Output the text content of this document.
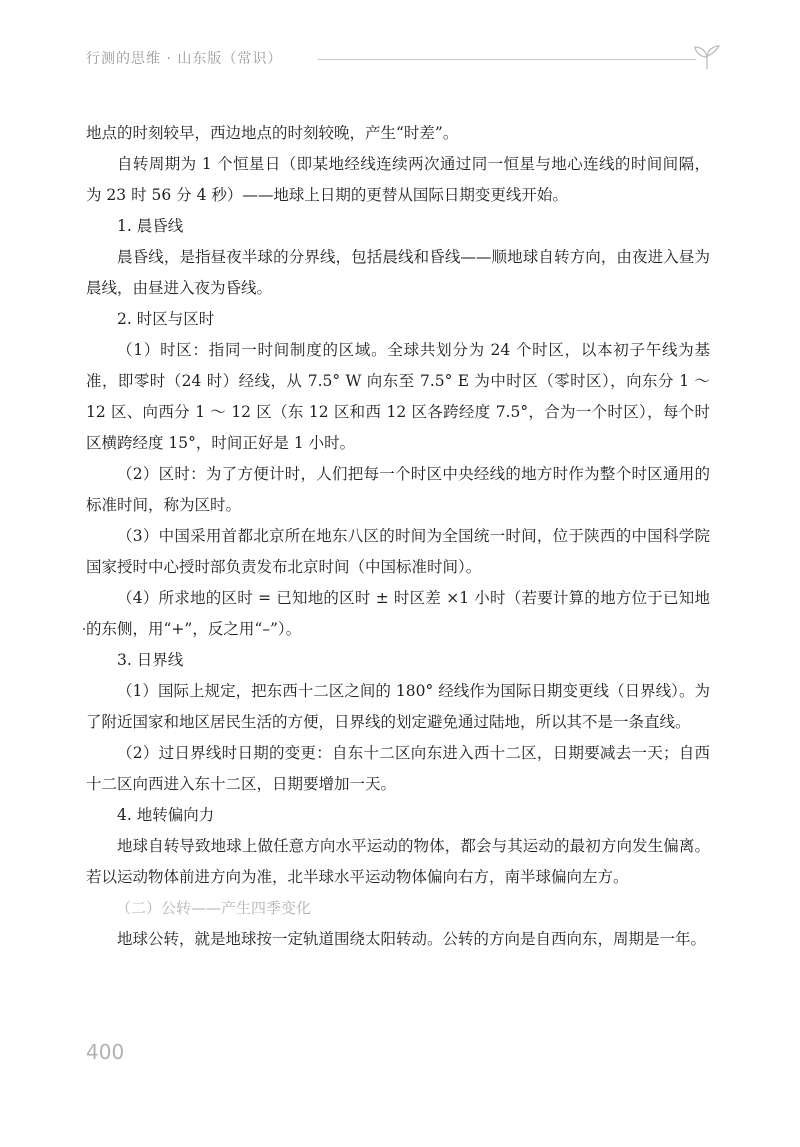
行测的思维 · 山东版（常识）

地点的时刻较早，西边地点的时刻较晚，产生“时差”。

自转周期为 1 个恒星日（即某地经线连续两次通过同一恒星与地心连线的时间间隔，为 23 时 56 分 4 秒）——地球上日期的更替从国际日期变更线开始。

1. 晨昏线

晨昏线，是指昼夜半球的分界线，包括晨线和昏线——顺地球自转方向，由夜进入昼为晨线，由昼进入夜为昏线。

2. 时区与区时

（1）时区：指同一时间制度的区域。全球共划分为 24 个时区，以本初子午线为基准，即零时（24 时）经线，从 7.5° W 向东至 7.5° E 为中时区（零时区），向东分 1 ～ 12 区、向西分 1 ～ 12 区（东 12 区和西 12 区各跨经度 7.5°，合为一个时区），每个时区横跨经度 15°，时间正好是 1 小时。

（2）区时：为了方便计时，人们把每一个时区中央经线的地方时作为整个时区通用的标准时间，称为区时。

（3）中国采用首都北京所在地东八区的时间为全国统一时间，位于陕西的中国科学院国家授时中心授时部负责发布北京时间（中国标准时间）。

（4）所求地的区时 = 已知地的区时 ± 时区差 ×1 小时（若要计算的地方位于已知地的东侧，用“+”，反之用“–”）。

3. 日界线

（1）国际上规定，把东西十二区之间的 180° 经线作为国际日期变更线（日界线）。为了附近国家和地区居民生活的方便，日界线的划定避免通过陆地，所以其不是一条直线。

（2）过日界线时日期的变更：自东十二区向东进入西十二区，日期要减去一天；自西十二区向西进入东十二区，日期要增加一天。

4. 地转偏向力

地球自转导致地球上做任意方向水平运动的物体，都会与其运动的最初方向发生偏离。若以运动物体前进方向为准，北半球水平运动物体偏向右方，南半球偏向左方。

（二）公转——产生四季变化

地球公转，就是地球按一定轨道围绕太阳转动。公转的方向是自西向东，周期是一年。

400
